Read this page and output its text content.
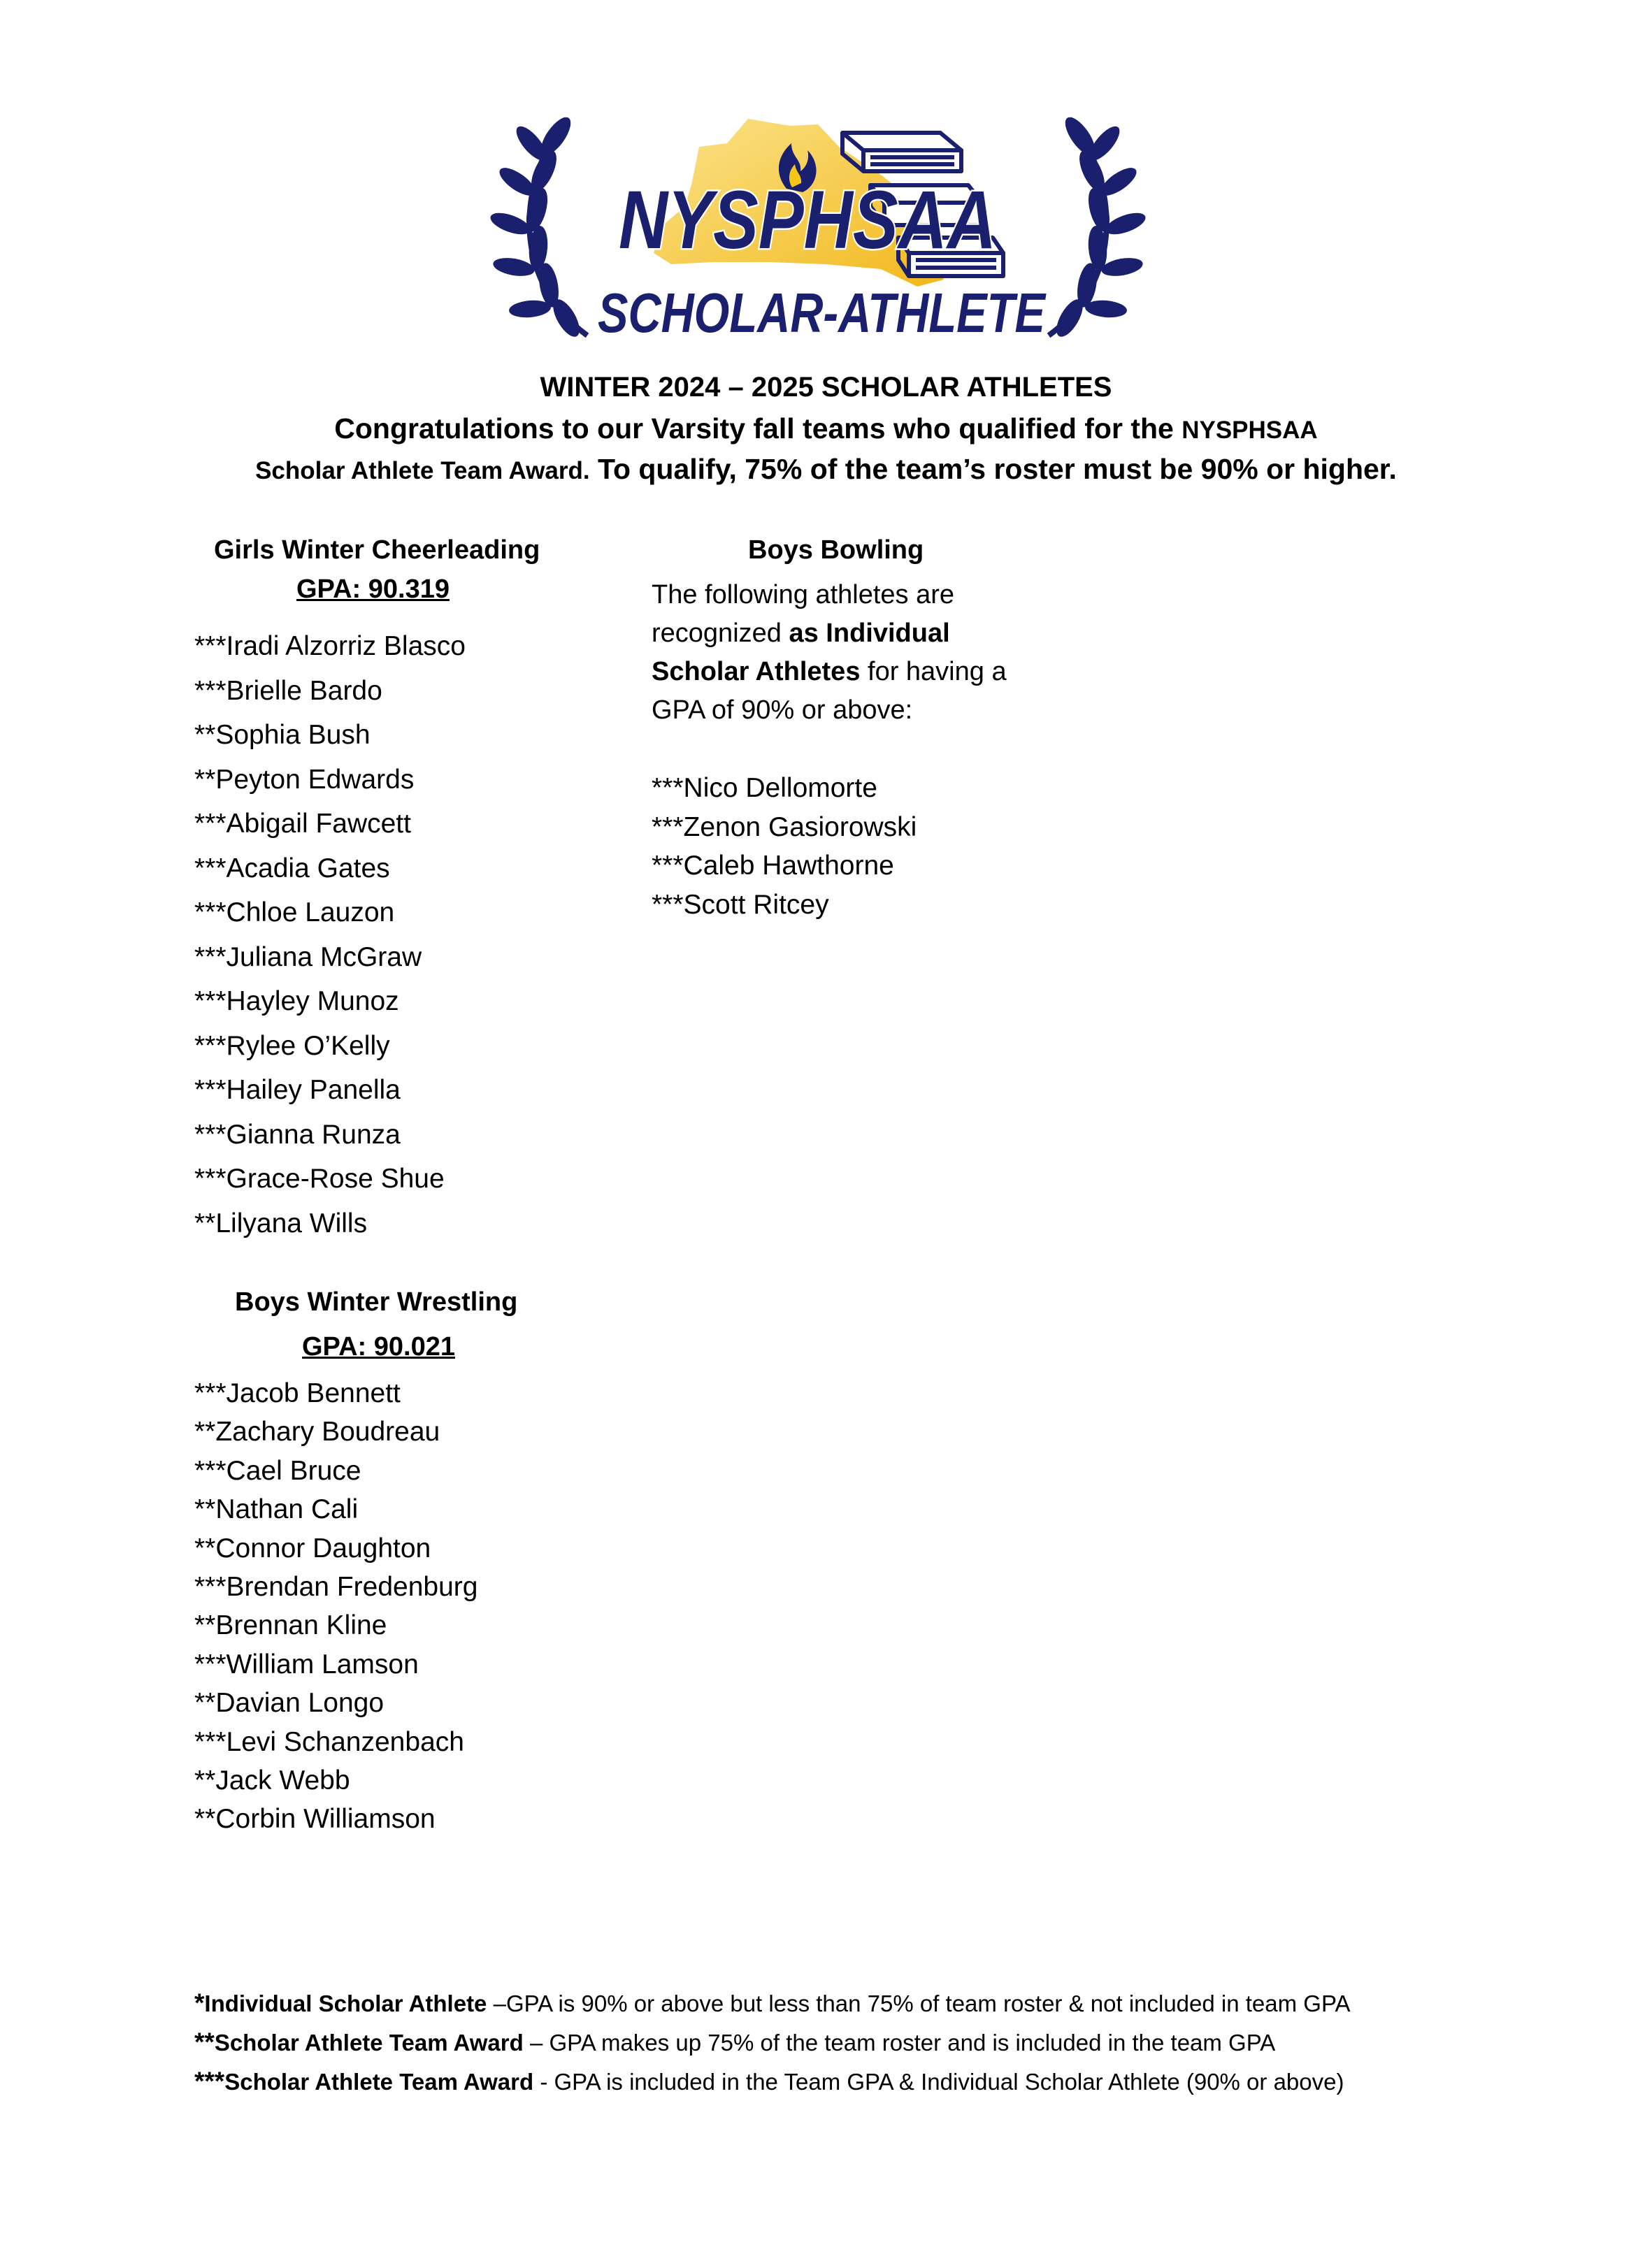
NYSPHSAA
SCHOLAR-ATHLETE
WINTER 2024 – 2025 SCHOLAR ATHLETES
Congratulations to our Varsity fall teams who qualified for the NYSPHSAA
Scholar Athlete Team Award. To qualify, 75% of the team’s roster must be 90% or higher.
Girls Winter Cheerleading
GPA: 90.319
***Iradi Alzorriz Blasco
***Brielle Bardo
**Sophia Bush
**Peyton Edwards
***Abigail Fawcett
***Acadia Gates
***Chloe Lauzon
***Juliana McGraw
***Hayley Munoz
***Rylee O’Kelly
***Hailey Panella
***Gianna Runza
***Grace-Rose Shue
**Lilyana Wills
Boys Winter Wrestling
GPA: 90.021
***Jacob Bennett
**Zachary Boudreau
***Cael Bruce
**Nathan Cali
**Connor Daughton
***Brendan Fredenburg
**Brennan Kline
***William Lamson
**Davian Longo
***Levi Schanzenbach
**Jack Webb
**Corbin Williamson
Boys Bowling
The following athletes are recognized as Individual Scholar Athletes for having a GPA of 90% or above:
***Nico Dellomorte
***Zenon Gasiorowski
***Caleb Hawthorne
***Scott Ritcey
*Individual Scholar Athlete –GPA is 90% or above but less than 75% of team roster & not included in team GPA
**Scholar Athlete Team Award – GPA makes up 75% of the team roster and is included in the team GPA
***Scholar Athlete Team Award - GPA is included in the Team GPA & Individual Scholar Athlete (90% or above)
